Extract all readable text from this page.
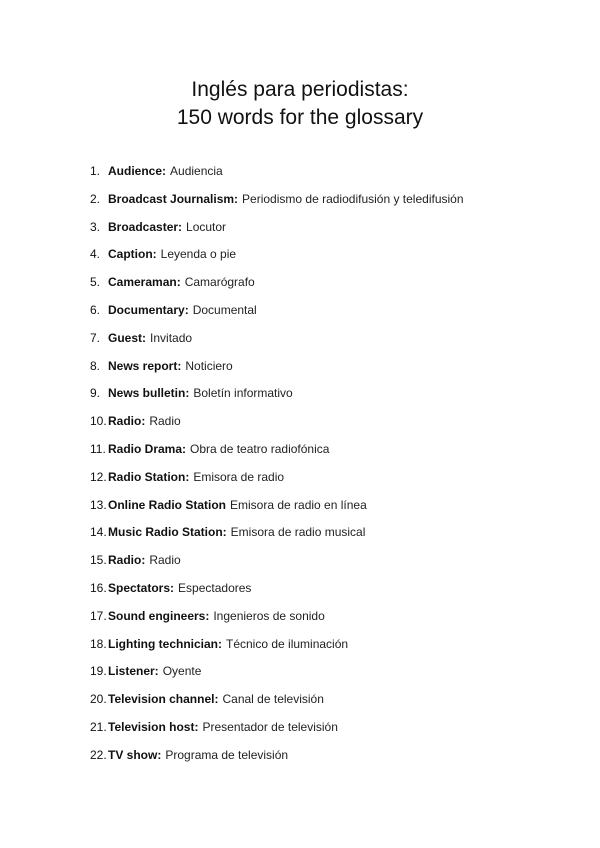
Inglés para periodistas:
150 words for the glossary
1. Audience: Audiencia
2. Broadcast Journalism: Periodismo de radiodifusión y teledifusión
3. Broadcaster: Locutor
4. Caption: Leyenda o pie
5. Cameraman: Camarógrafo
6. Documentary: Documental
7. Guest: Invitado
8. News report: Noticiero
9. News bulletin: Boletín informativo
10. Radio: Radio
11. Radio Drama: Obra de teatro radiofónica
12. Radio Station: Emisora de radio
13. Online Radio Station Emisora de radio en línea
14. Music Radio Station: Emisora de radio musical
15. Radio: Radio
16. Spectators: Espectadores
17. Sound engineers: Ingenieros de sonido
18. Lighting technician: Técnico de iluminación
19. Listener: Oyente
20. Television channel: Canal de televisión
21. Television host: Presentador de televisión
22. TV show: Programa de televisión
